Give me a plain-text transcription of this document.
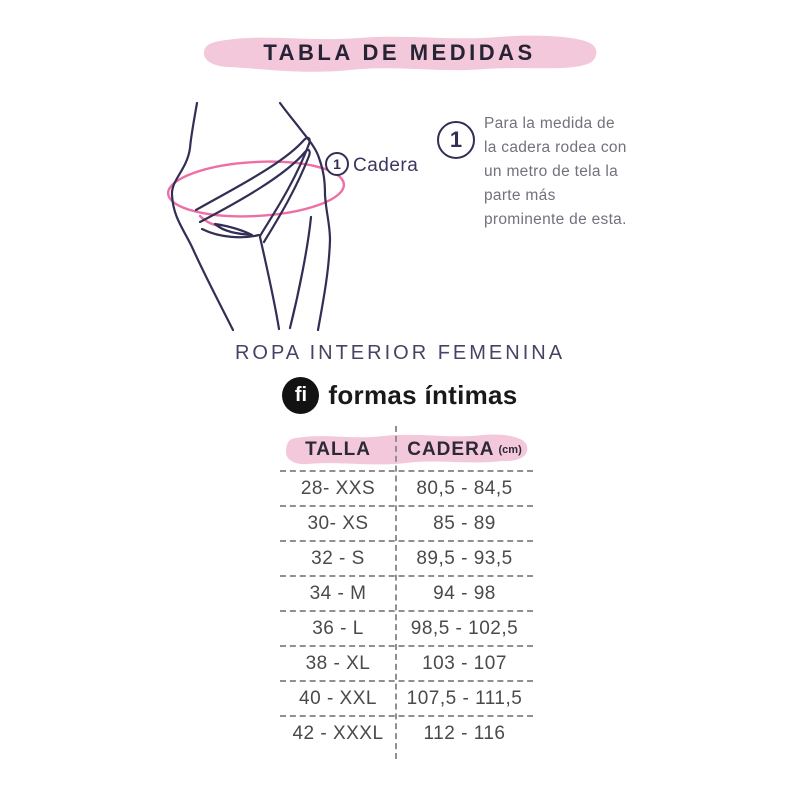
TABLA DE MEDIDAS
1 Cadera
1
Para la medida de
la cadera rodea con
un metro de tela la
parte más
prominente de esta.
ROPA INTERIOR FEMENINA
fi formas íntimas
TALLA	CADERA (cm)
28- XXS	80,5 - 84,5
30- XS	85 - 89
32 - S	89,5 - 93,5
34 - M	94 - 98
36 - L	98,5 - 102,5
38 - XL	103 - 107
40 - XXL	107,5 - 111,5
42 - XXXL	112 - 116
